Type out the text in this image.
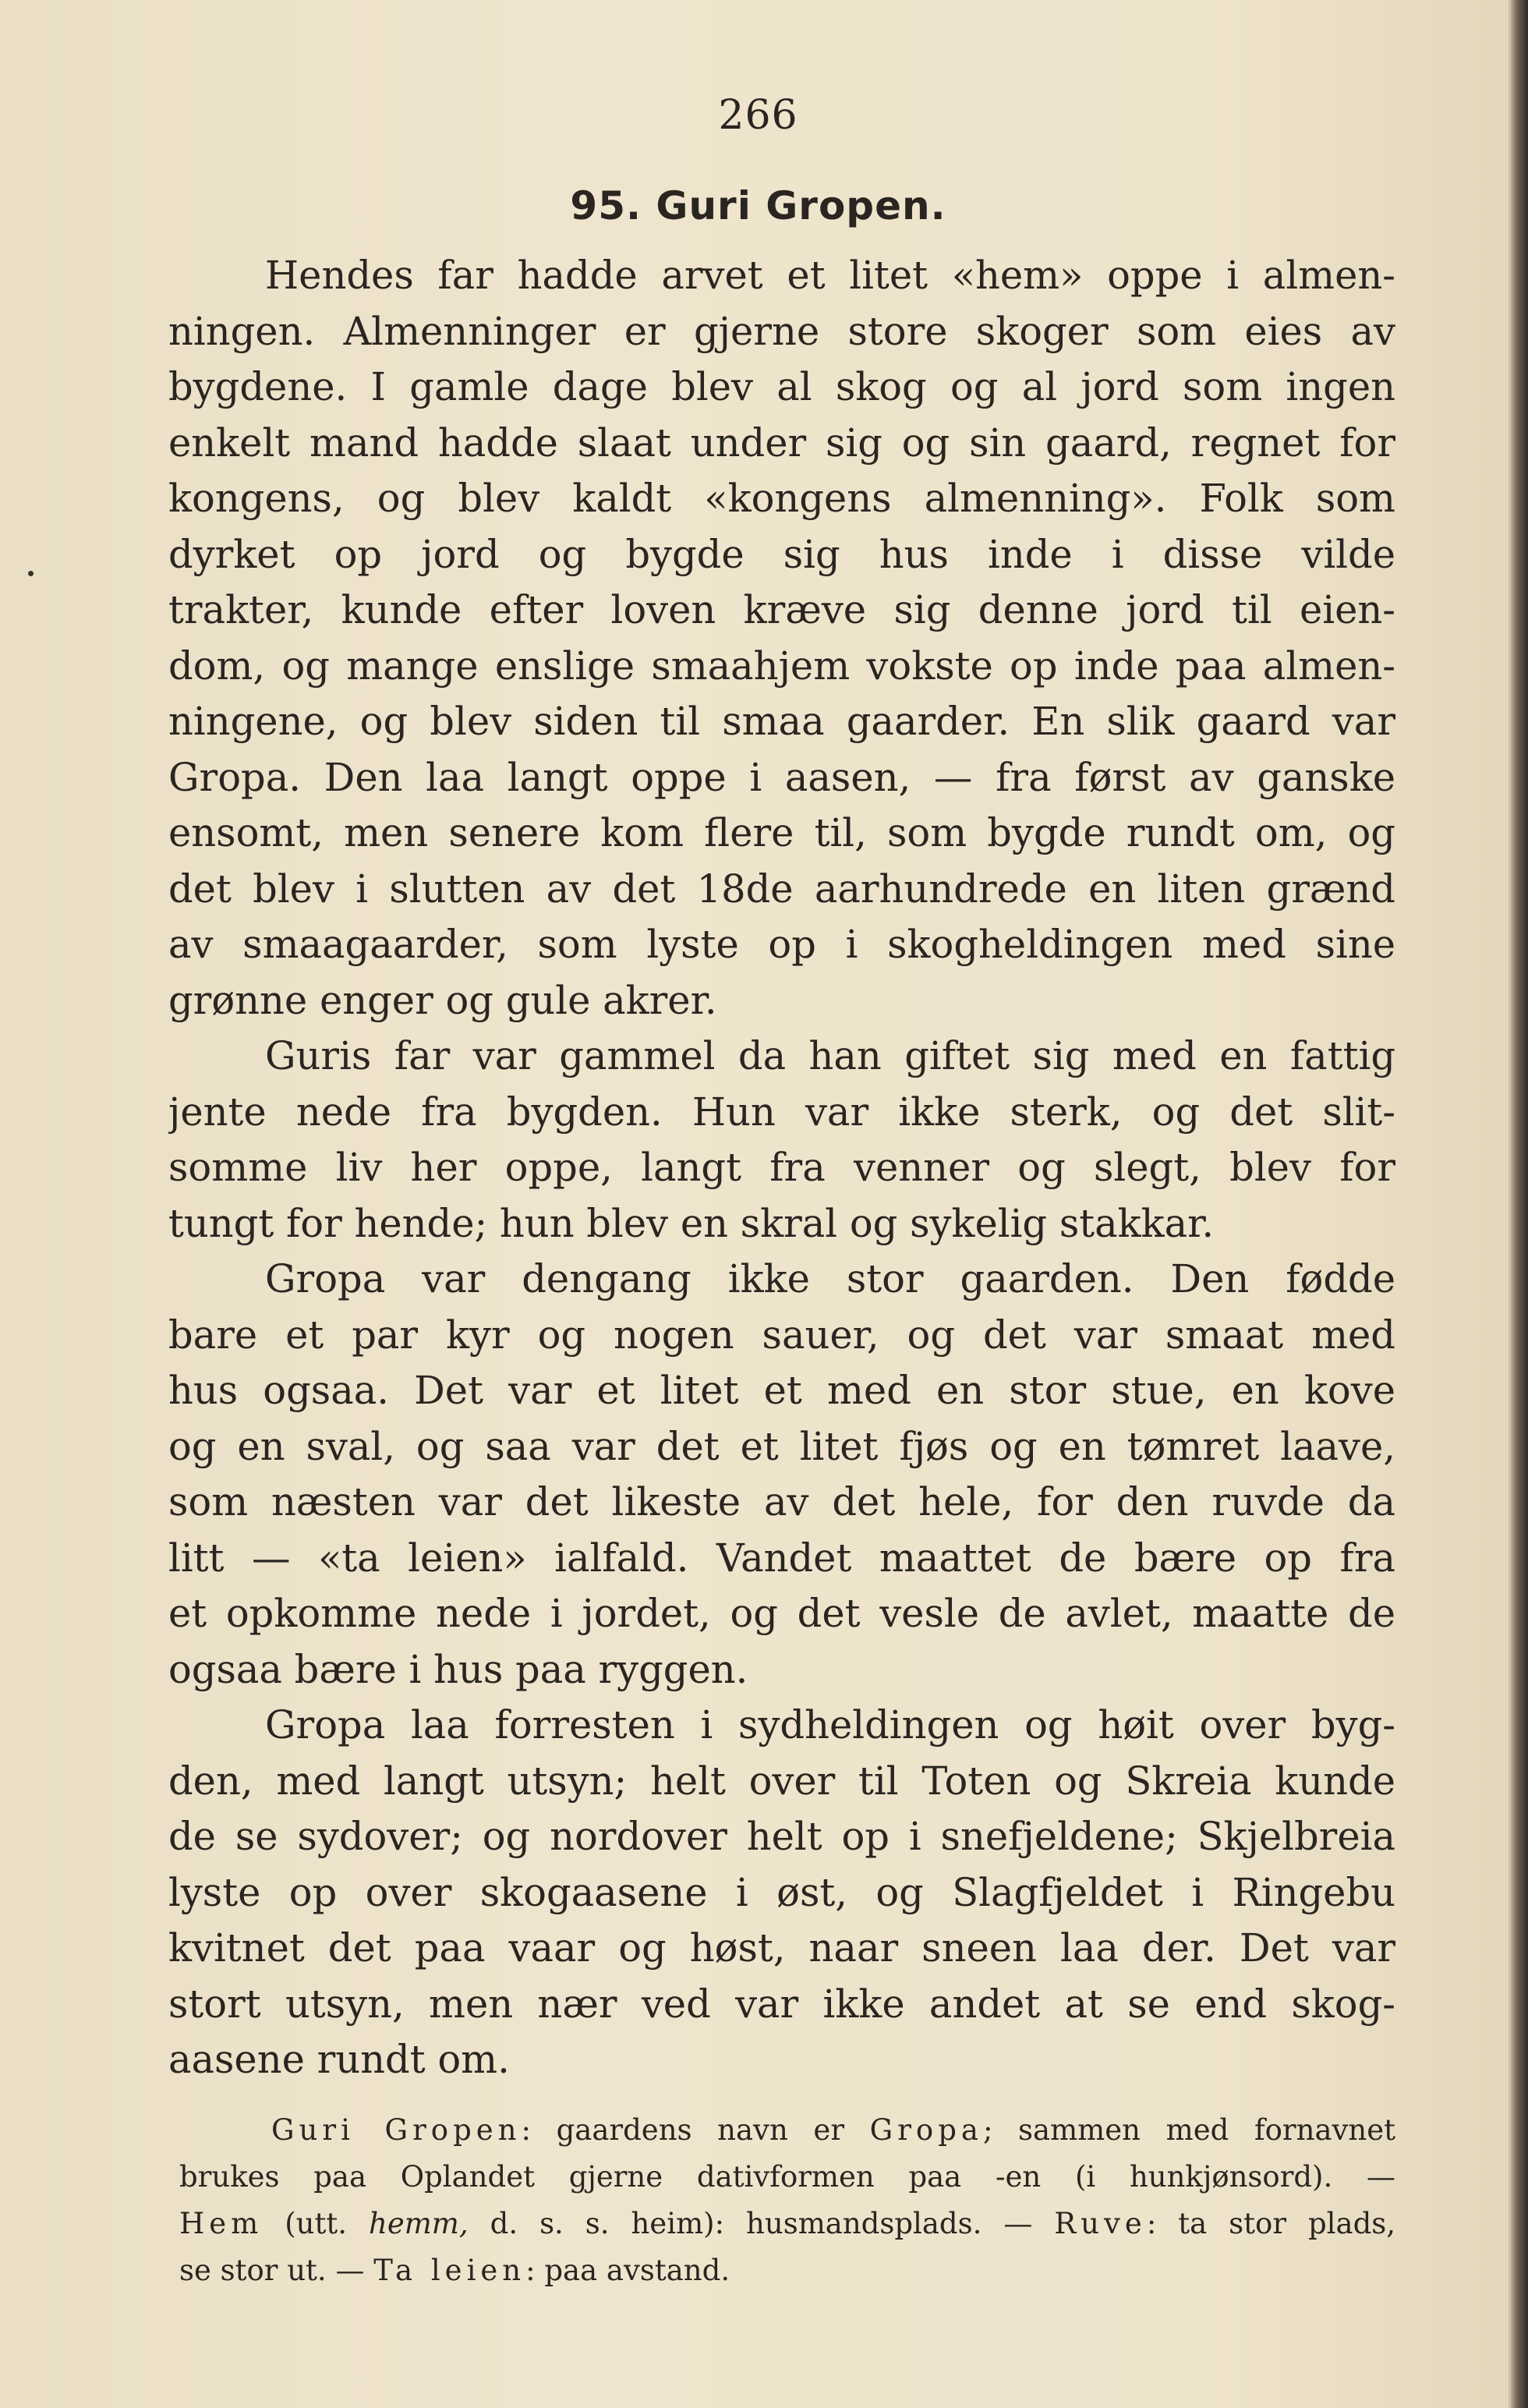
266
95. Guri Gropen.
Hendes far hadde arvet et litet «hem» oppe i almen-
ningen. Almenninger er gjerne store skoger som eies av
bygdene. I gamle dage blev al skog og al jord som ingen
enkelt mand hadde slaat under sig og sin gaard, regnet for
kongens, og blev kaldt «kongens almenning». Folk som
dyrket op jord og bygde sig hus inde i disse vilde
trakter, kunde efter loven kræve sig denne jord til eien-
dom, og mange enslige smaahjem vokste op inde paa almen-
ningene, og blev siden til smaa gaarder. En slik gaard var
Gropa. Den laa langt oppe i aasen, — fra først av ganske
ensomt, men senere kom flere til, som bygde rundt om, og
det blev i slutten av det 18de aarhundrede en liten grænd
av smaagaarder, som lyste op i skogheldingen med sine
grønne enger og gule akrer.
Guris far var gammel da han giftet sig med en fattig
jente nede fra bygden. Hun var ikke sterk, og det slit-
somme liv her oppe, langt fra venner og slegt, blev for
tungt for hende; hun blev en skral og sykelig stakkar.
Gropa var dengang ikke stor gaarden. Den fødde
bare et par kyr og nogen sauer, og det var smaat med
hus ogsaa. Det var et litet et med en stor stue, en kove
og en sval, og saa var det et litet fjøs og en tømret laave,
som næsten var det likeste av det hele, for den ruvde da
litt — «ta leien» ialfald. Vandet maattet de bære op fra
et opkomme nede i jordet, og det vesle de avlet, maatte de
ogsaa bære i hus paa ryggen.
Gropa laa forresten i sydheldingen og høit over byg-
den, med langt utsyn; helt over til Toten og Skreia kunde
de se sydover; og nordover helt op i snefjeldene; Skjelbreia
lyste op over skogaasene i øst, og Slagfjeldet i Ringebu
kvitnet det paa vaar og høst, naar sneen laa der. Det var
stort utsyn, men nær ved var ikke andet at se end skog-
aasene rundt om.
Guri Gropen: gaardens navn er Gropa; sammen med fornavnet
brukes paa Oplandet gjerne dativformen paa -en (i hunkjønsord). —
Hem (utt. hemm, d. s. s. heim): husmandsplads. — Ruve: ta stor plads,
se stor ut. — Ta leien: paa avstand.
